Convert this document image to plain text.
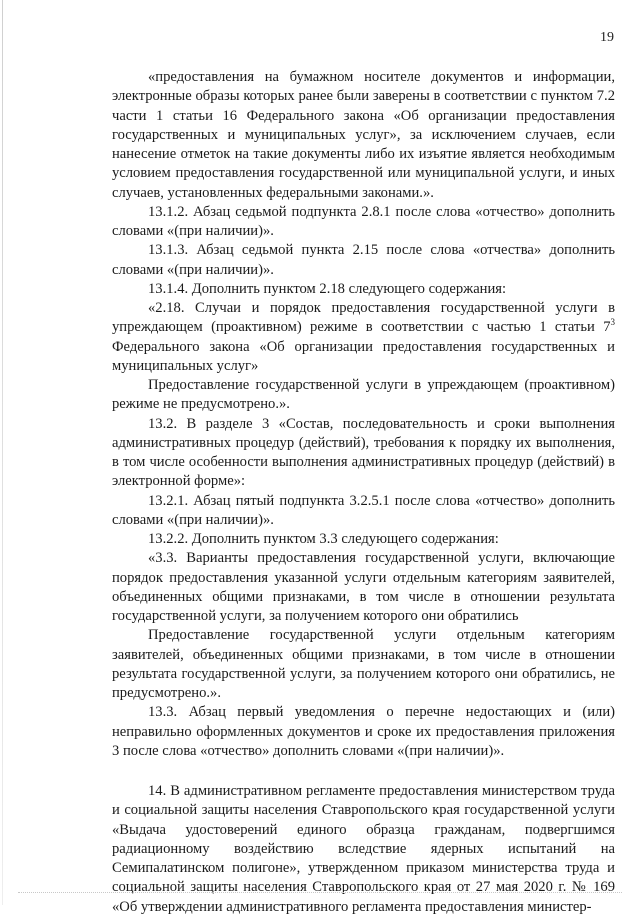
19

«предоставления на бумажном носителе документов и информации, электронные образы которых ранее были заверены в соответствии с пунктом 7.2 части 1 статьи 16 Федерального закона «Об организации предоставления государственных и муниципальных услуг», за исключением случаев, если нанесение отметок на такие документы либо их изъятие является необходимым условием предоставления государственной или муниципальной услуги, и иных случаев, установленных федеральными законами.».

13.1.2. Абзац седьмой подпункта 2.8.1 после слова «отчество» дополнить словами «(при наличии)».

13.1.3. Абзац седьмой пункта 2.15 после слова «отчества» дополнить словами «(при наличии)».

13.1.4. Дополнить пунктом 2.18 следующего содержания:

«2.18. Случаи и порядок предоставления государственной услуги в упреждающем (проактивном) режиме в соответствии с частью 1 статьи $7^3$ Федерального закона «Об организации предоставления государственных и муниципальных услуг»

Предоставление государственной услуги в упреждающем (проактивном) режиме не предусмотрено.».

13.2. В разделе 3 «Состав, последовательность и сроки выполнения административных процедур (действий), требования к порядку их выполнения, в том числе особенности выполнения административных процедур (действий) в электронной форме»:

13.2.1. Абзац пятый подпункта 3.2.5.1 после слова «отчество» дополнить словами «(при наличии)».

13.2.2. Дополнить пунктом 3.3 следующего содержания:

«3.3. Варианты предоставления государственной услуги, включающие порядок предоставления указанной услуги отдельным категориям заявителей, объединенных общими признаками, в том числе в отношении результата государственной услуги, за получением которого они обратились

Предоставление государственной услуги отдельным категориям заявителей, объединенных общими признаками, в том числе в отношении результата государственной услуги, за получением которого они обратились, не предусмотрено.».

13.3. Абзац первый уведомления о перечне недостающих и (или) неправильно оформленных документов и сроке их предоставления приложения 3 после слова «отчество» дополнить словами «(при наличии)».

14. В административном регламенте предоставления министерством труда и социальной защиты населения Ставропольского края государственной услуги «Выдача удостоверений единого образца гражданам, подвергшимся радиационному воздействию вследствие ядерных испытаний на Семипалатинском полигоне», утвержденном приказом министерства труда и социальной защиты населения Ставропольского края от 27 мая 2020 г. № 169 «Об утверждении административного регламента предоставления министер-
